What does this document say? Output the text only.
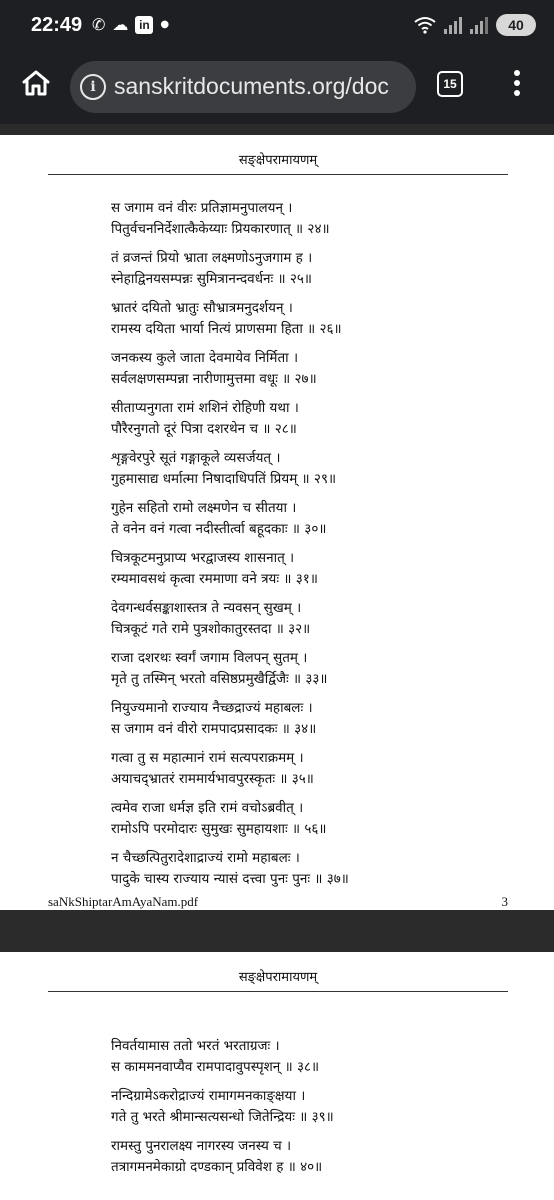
22:49 ✆ ☁ in	●	40
i sanskritdocuments.org/doc	15
सङ्क्षेपरामायणम्
स जगाम वनं वीरः प्रतिज्ञामनुपालयन् ।
पितुर्वचननिर्देशात्कैकेय्याः प्रियकारणात् ॥ २४॥
तं व्रजन्तं प्रियो भ्राता लक्ष्मणोऽनुजगाम ह ।
स्नेहाद्विनयसम्पन्नः सुमित्रानन्दवर्धनः ॥ २५॥
भ्रातरं दयितो भ्रातुः सौभ्रात्रमनुदर्शयन् ।
रामस्य दयिता भार्या नित्यं प्राणसमा हिता ॥ २६॥
जनकस्य कुले जाता देवमायेव निर्मिता ।
सर्वलक्षणसम्पन्ना नारीणामुत्तमा वधूः ॥ २७॥
सीताप्यनुगता रामं शशिनं रोहिणी यथा ।
पौरैरनुगतो दूरं पित्रा दशरथेन च ॥ २८॥
शृङ्गवेरपुरे सूतं गङ्गाकूले व्यसर्जयत् ।
गुहमासाद्य धर्मात्मा निषादाधिपतिं प्रियम् ॥ २९॥
गुहेन सहितो रामो लक्ष्मणेन च सीतया ।
ते वनेन वनं गत्वा नदीस्तीर्त्वा बहूदकाः ॥ ३०॥
चित्रकूटमनुप्राप्य भरद्वाजस्य शासनात् ।
रम्यमावसथं कृत्वा रममाणा वने त्रयः ॥ ३१॥
देवगन्धर्वसङ्काशास्तत्र ते न्यवसन् सुखम् ।
चित्रकूटं गते रामे पुत्रशोकातुरस्तदा ॥ ३२॥
राजा दशरथः स्वर्गं जगाम विलपन् सुतम् ।
मृते तु तस्मिन् भरतो वसिष्ठप्रमुखैर्द्विजैः ॥ ३३॥
नियुज्यमानो राज्याय नैच्छद्राज्यं महाबलः ।
स जगाम वनं वीरो रामपादप्रसादकः ॥ ३४॥
गत्वा तु स महात्मानं रामं सत्यपराक्रमम् ।
अयाचद्भ्रातरं राममार्यभावपुरस्कृतः ॥ ३५॥
त्वमेव राजा धर्मज्ञ इति रामं वचोऽब्रवीत् ।
रामोऽपि परमोदारः सुमुखः सुमहायशाः ॥ ५६॥
न चैच्छत्पितुरादेशाद्राज्यं रामो महाबलः ।
पादुके चास्य राज्याय न्यासं दत्त्वा पुनः पुनः ॥ ३७॥
saNkShiptarAmAyaNam.pdf	3
सङ्क्षेपरामायणम्
निवर्तयामास ततो भरतं भरताग्रजः ।
स काममनवाप्यैव रामपादावुपस्पृशन् ॥ ३८॥
नन्दिग्रामेऽकरोद्राज्यं रामागमनकाङ्क्षया ।
गते तु भरते श्रीमान्सत्यसन्धो जितेन्द्रियः ॥ ३९॥
रामस्तु पुनरालक्ष्य नागरस्य जनस्य च ।
तत्रागमनमेकाग्रो दण्डकान् प्रविवेश ह ॥ ४०॥
